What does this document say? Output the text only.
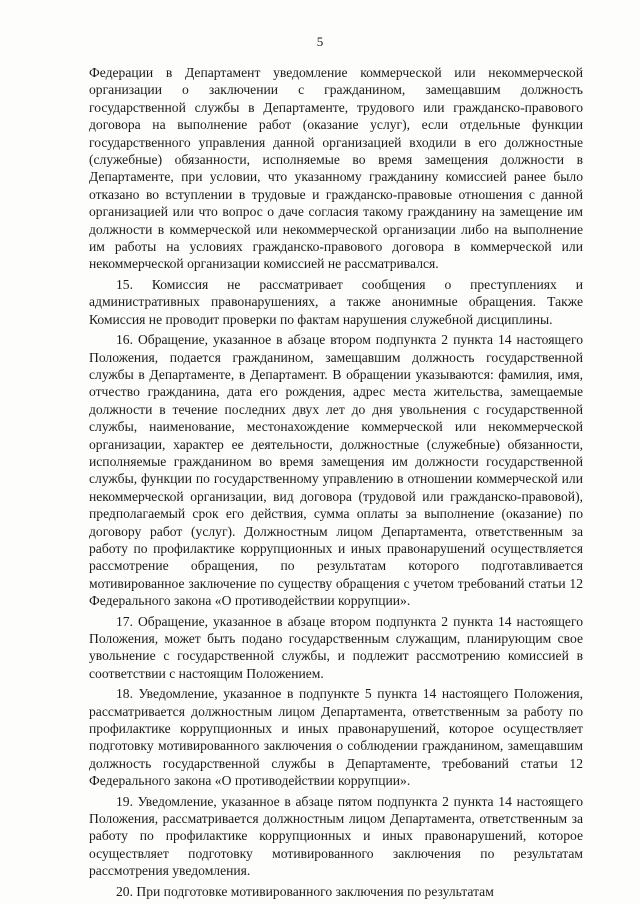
5

Федерации в Департамент уведомление коммерческой или некоммерческой организации о заключении с гражданином, замещавшим должность государственной службы в Департаменте, трудового или гражданско-правового договора на выполнение работ (оказание услуг), если отдельные функции государственного управления данной организацией входили в его должностные (служебные) обязанности, исполняемые во время замещения должности в Департаменте, при условии, что указанному гражданину комиссией ранее было отказано во вступлении в трудовые и гражданско-правовые отношения с данной организацией или что вопрос о даче согласия такому гражданину на замещение им должности в коммерческой или некоммерческой организации либо на выполнение им работы на условиях гражданско-правового договора в коммерческой или некоммерческой организации комиссией не рассматривался.

15. Комиссия не рассматривает сообщения о преступлениях и административных правонарушениях, а также анонимные обращения. Также Комиссия не проводит проверки по фактам нарушения служебной дисциплины.

16. Обращение, указанное в абзаце втором подпункта 2 пункта 14 настоящего Положения, подается гражданином, замещавшим должность государственной службы в Департаменте, в Департамент. В обращении указываются: фамилия, имя, отчество гражданина, дата его рождения, адрес места жительства, замещаемые должности в течение последних двух лет до дня увольнения с государственной службы, наименование, местонахождение коммерческой или некоммерческой организации, характер ее деятельности, должностные (служебные) обязанности, исполняемые гражданином во время замещения им должности государственной службы, функции по государственному управлению в отношении коммерческой или некоммерческой организации, вид договора (трудовой или гражданско-правовой), предполагаемый срок его действия, сумма оплаты за выполнение (оказание) по договору работ (услуг). Должностным лицом Департамента, ответственным за работу по профилактике коррупционных и иных правонарушений осуществляется рассмотрение обращения, по результатам которого подготавливается мотивированное заключение по существу обращения с учетом требований статьи 12 Федерального закона «О противодействии коррупции».

17. Обращение, указанное в абзаце втором подпункта 2 пункта 14 настоящего Положения, может быть подано государственным служащим, планирующим свое увольнение с государственной службы, и подлежит рассмотрению комиссией в соответствии с настоящим Положением.

18. Уведомление, указанное в подпункте 5 пункта 14 настоящего Положения, рассматривается должностным лицом Департамента, ответственным за работу по профилактике коррупционных и иных правонарушений, которое осуществляет подготовку мотивированного заключения о соблюдении гражданином, замещавшим должность государственной службы в Департаменте, требований статьи 12 Федерального закона «О противодействии коррупции».

19. Уведомление, указанное в абзаце пятом подпункта 2 пункта 14 настоящего Положения, рассматривается должностным лицом Департамента, ответственным за работу по профилактике коррупционных и иных правонарушений, которое осуществляет подготовку мотивированного заключения по результатам рассмотрения уведомления.

20. При подготовке мотивированного заключения по результатам
